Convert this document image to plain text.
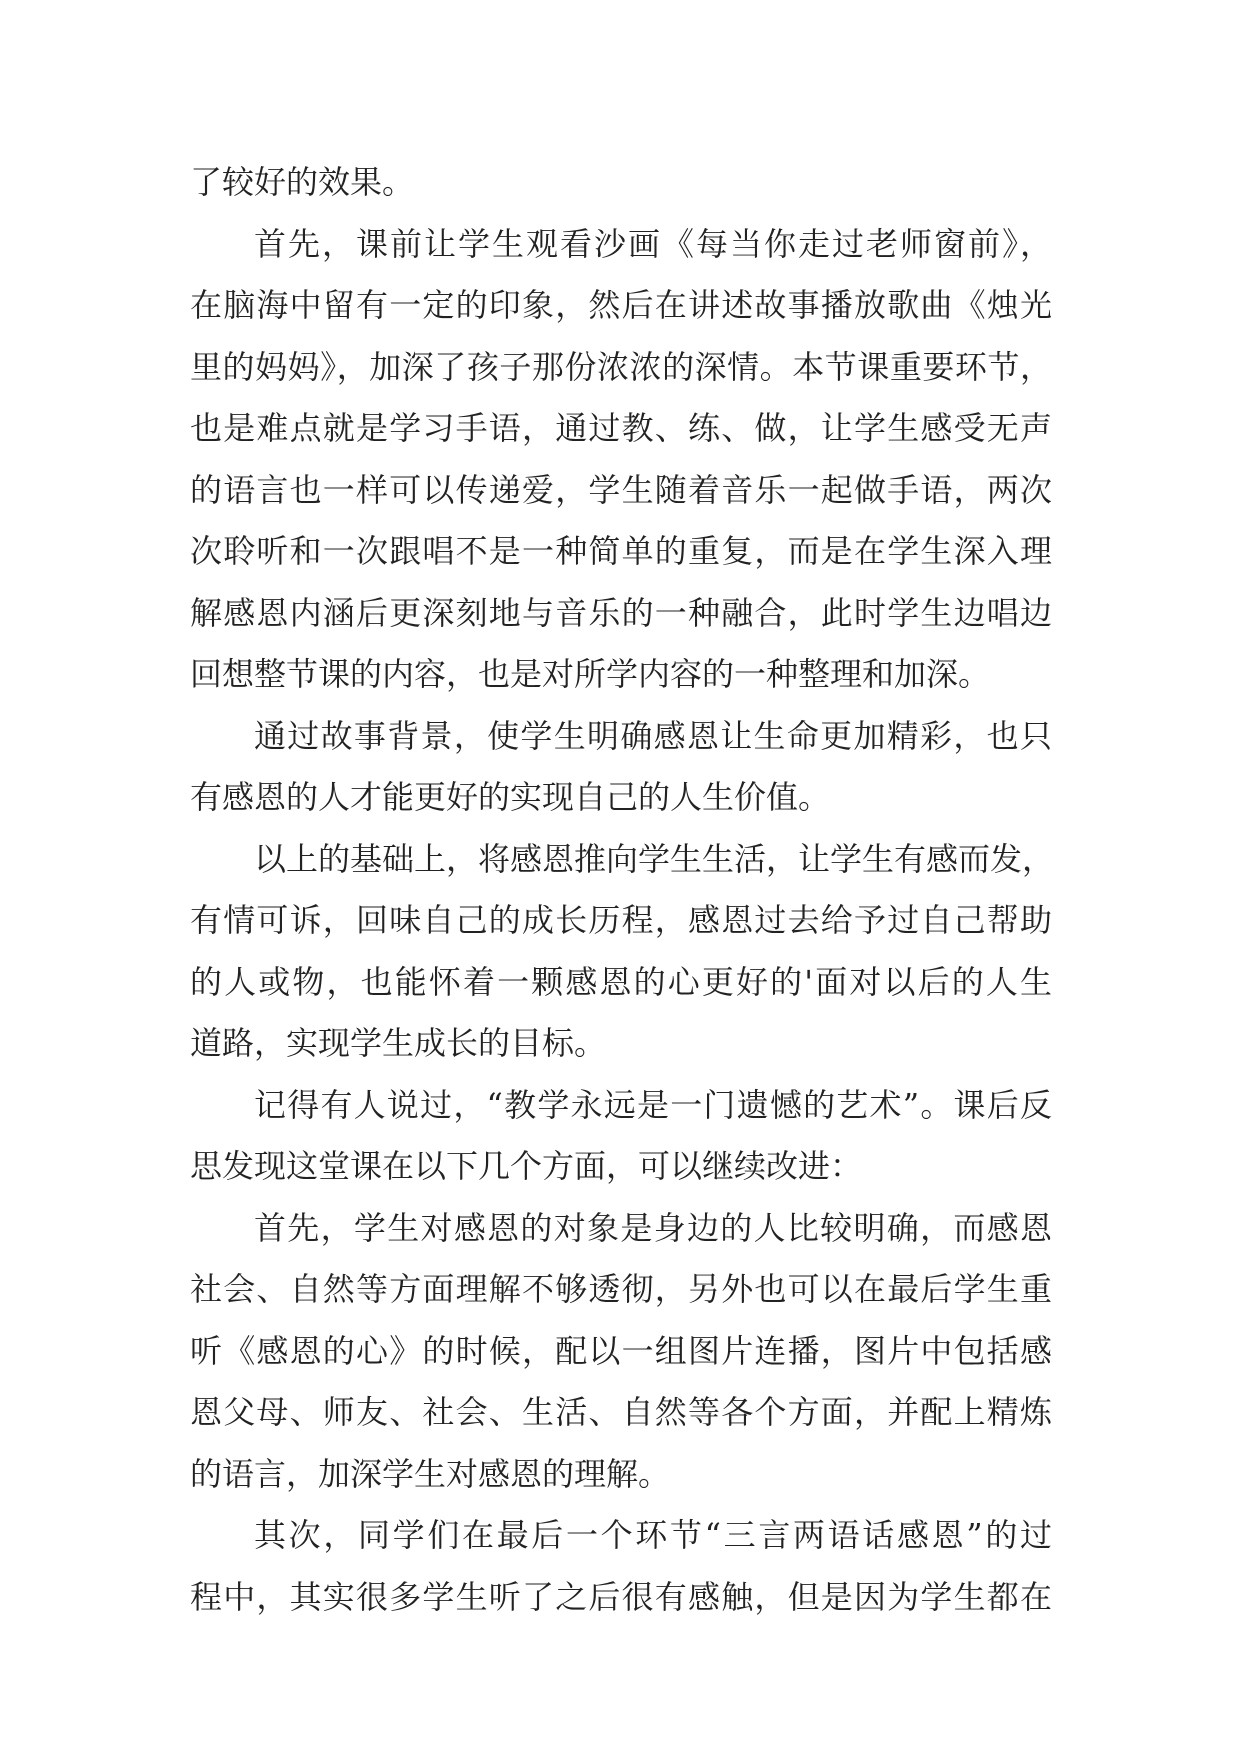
了较好的效果。
首先，课前让学生观看沙画《每当你走过老师窗前》，
在脑海中留有一定的印象，然后在讲述故事播放歌曲《烛光
里的妈妈》，加深了孩子那份浓浓的深情。本节课重要环节，
也是难点就是学习手语，通过教、练、做，让学生感受无声
的语言也一样可以传递爱，学生随着音乐一起做手语，两次
次聆听和一次跟唱不是一种简单的重复，而是在学生深入理
解感恩内涵后更深刻地与音乐的一种融合，此时学生边唱边
回想整节课的内容，也是对所学内容的一种整理和加深。
通过故事背景，使学生明确感恩让生命更加精彩，也只
有感恩的人才能更好的实现自己的人生价值。
以上的基础上，将感恩推向学生生活，让学生有感而发，
有情可诉，回味自己的成长历程，感恩过去给予过自己帮助
的人或物，也能怀着一颗感恩的心更好的'面对以后的人生
道路，实现学生成长的目标。
记得有人说过，“教学永远是一门遗憾的艺术”。课后反
思发现这堂课在以下几个方面，可以继续改进：
首先，学生对感恩的对象是身边的人比较明确，而感恩
社会、自然等方面理解不够透彻，另外也可以在最后学生重
听《感恩的心》的时候，配以一组图片连播，图片中包括感
恩父母、师友、社会、生活、自然等各个方面，并配上精炼
的语言，加深学生对感恩的理解。
其次，同学们在最后一个环节“三言两语话感恩”的过
程中，其实很多学生听了之后很有感触，但是因为学生都在
